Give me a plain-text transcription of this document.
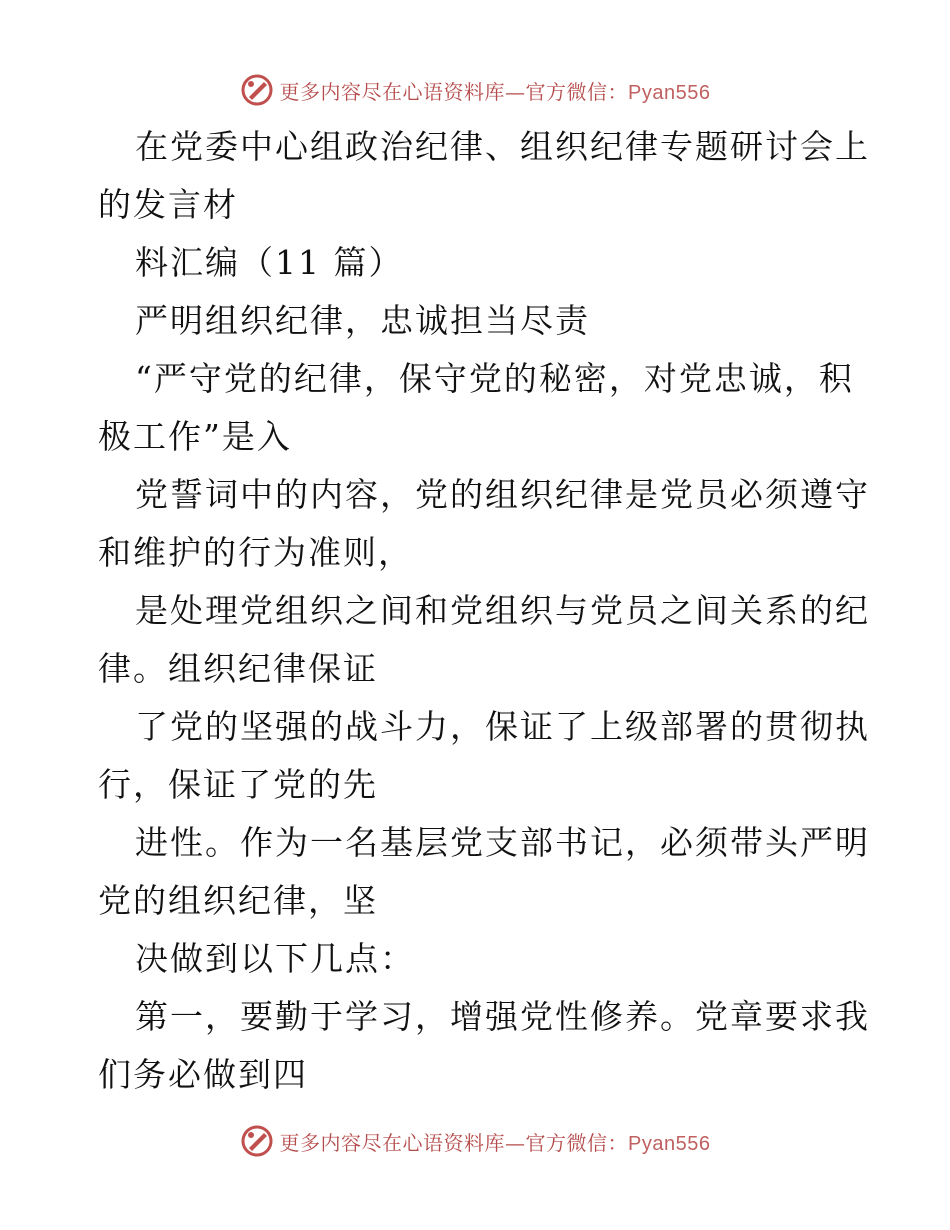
更多内容尽在心语资料库—官方微信：Pyan556
在党委中心组政治纪律、组织纪律专题研讨会上
的发言材
料汇编（11 篇）
严明组织纪律，忠诚担当尽责
“严守党的纪律，保守党的秘密，对党忠诚，积
极工作”是入
党誓词中的内容，党的组织纪律是党员必须遵守
和维护的行为准则，
是处理党组织之间和党组织与党员之间关系的纪
律。组织纪律保证
了党的坚强的战斗力，保证了上级部署的贯彻执
行，保证了党的先
进性。作为一名基层党支部书记，必须带头严明
党的组织纪律，坚
决做到以下几点：
第一，要勤于学习，增强党性修养。党章要求我
们务必做到四
更多内容尽在心语资料库—官方微信：Pyan556
